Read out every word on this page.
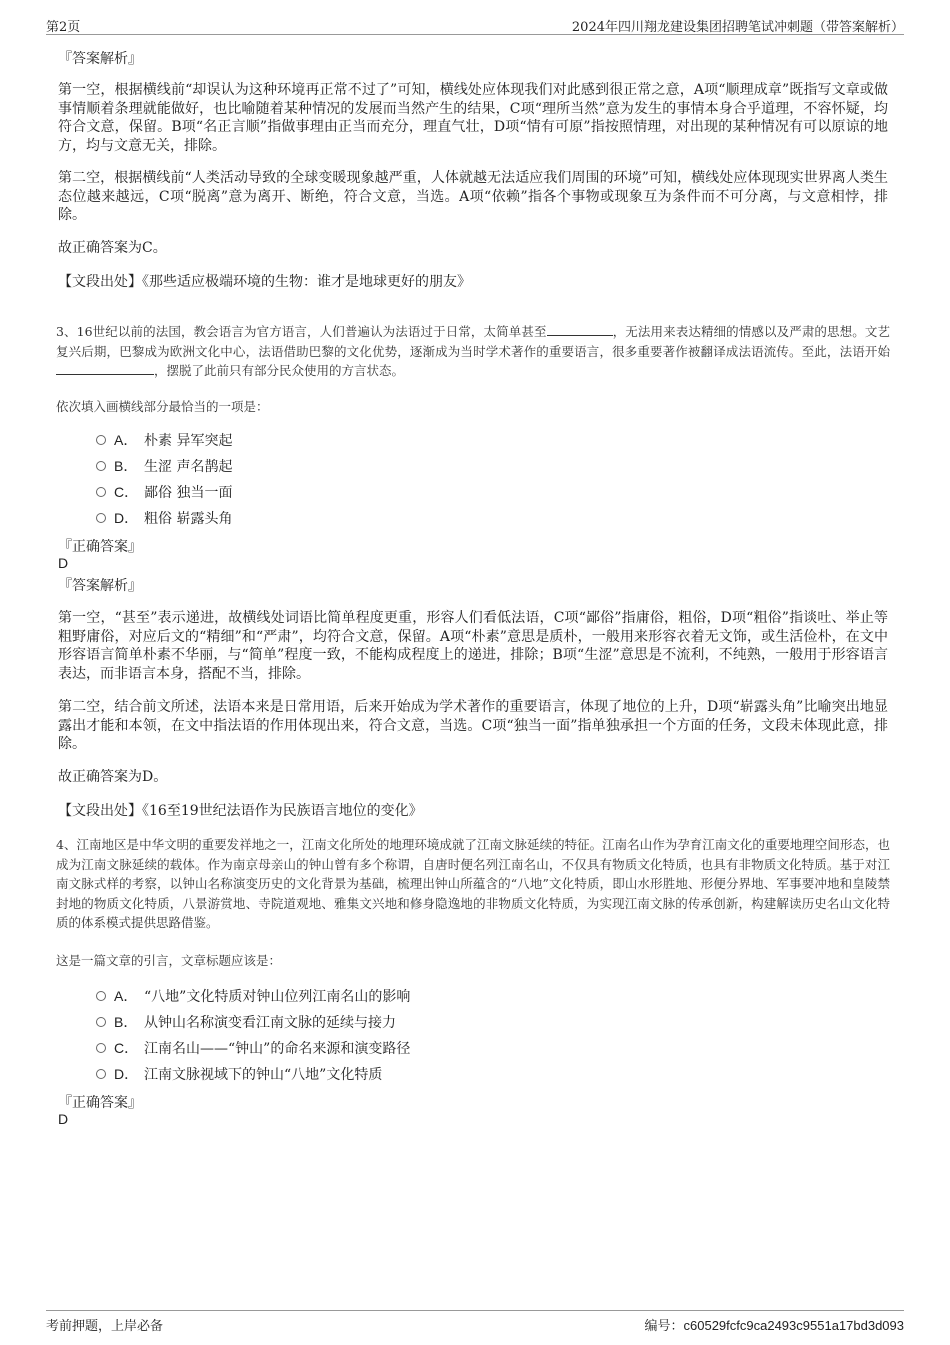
第2页	2024年四川翔龙建设集团招聘笔试冲刺题（带答案解析）
『答案解析』
第一空，根据横线前“却误认为这种环境再正常不过了”可知，横线处应体现我们对此感到很正常之意，A项“顺理成章”既指写文章或做事情顺着条理就能做好，也比喻随着某种情况的发展而当然产生的结果，C项“理所当然”意为发生的事情本身合乎道理，不容怀疑，均符合文意，保留。B项“名正言顺”指做事理由正当而充分，理直气壮，D项“情有可原”指按照情理，对出现的某种情况有可以原谅的地方，均与文意无关，排除。
第二空，根据横线前“人类活动导致的全球变暖现象越严重，人体就越无法适应我们周围的环境”可知，横线处应体现现实世界离人类生态位越来越远，C项“脱离”意为离开、断绝，符合文意，当选。A项“依赖”指各个事物或现象互为条件而不可分离，与文意相悖，排除。
故正确答案为C。
【文段出处】《那些适应极端环境的生物：谁才是地球更好的朋友》
3、16世纪以前的法国，教会语言为官方语言，人们普遍认为法语过于日常，太简单甚至	，无法用来表达精细的情感以及严肃的思想。文艺复兴后期，巴黎成为欧洲文化中心，法语借助巴黎的文化优势，逐渐成为当时学术著作的重要语言，很多重要著作被翻译成法语流传。至此，法语开始，摆脱了此前只有部分民众使用的方言状态。
依次填入画横线部分最恰当的一项是：
A． 朴素 异军突起
B． 生涩 声名鹊起
C． 鄙俗 独当一面
D． 粗俗 崭露头角
『正确答案』
D
『答案解析』
第一空，“甚至”表示递进，故横线处词语比简单程度更重，形容人们看低法语，C项“鄙俗”指庸俗，粗俗，D项“粗俗”指谈吐、举止等粗野庸俗，对应后文的“精细”和“严肃”，均符合文意，保留。A项“朴素”意思是质朴，一般用来形容衣着无文饰，或生活俭朴，在文中形容语言简单朴素不华丽，与“简单”程度一致，不能构成程度上的递进，排除；B项“生涩”意思是不流利，不纯熟，一般用于形容语言表达，而非语言本身，搭配不当，排除。
第二空，结合前文所述，法语本来是日常用语，后来开始成为学术著作的重要语言，体现了地位的上升，D项“崭露头角”比喻突出地显露出才能和本领，在文中指法语的作用体现出来，符合文意，当选。C项“独当一面”指单独承担一个方面的任务，文段未体现此意，排除。
故正确答案为D。
【文段出处】《16至19世纪法语作为民族语言地位的变化》
4、江南地区是中华文明的重要发祥地之一，江南文化所处的地理环境成就了江南文脉延续的特征。江南名山作为孕育江南文化的重要地理空间形态，也成为江南文脉延续的载体。作为南京母亲山的钟山曾有多个称谓，自唐时便名列江南名山，不仅具有物质文化特质，也具有非物质文化特质。基于对江南文脉式样的考察，以钟山名称演变历史的文化背景为基础，梳理出钟山所蕴含的“八地”文化特质，即山水形胜地、形便分界地、军事要冲地和皇陵禁封地的物质文化特质，八景游赏地、寺院道观地、雅集文兴地和修身隐逸地的非物质文化特质，为实现江南文脉的传承创新，构建解读历史名山文化特质的体系模式提供思路借鉴。
这是一篇文章的引言，文章标题应该是：
A． “八地”文化特质对钟山位列江南名山的影响
B． 从钟山名称演变看江南文脉的延续与接力
C． 江南名山——“钟山”的命名来源和演变路径
D． 江南文脉视域下的钟山“八地”文化特质
『正确答案』
D
考前押题，上岸必备	编号：c60529fcfc9ca2493c9551a17bd3d093
